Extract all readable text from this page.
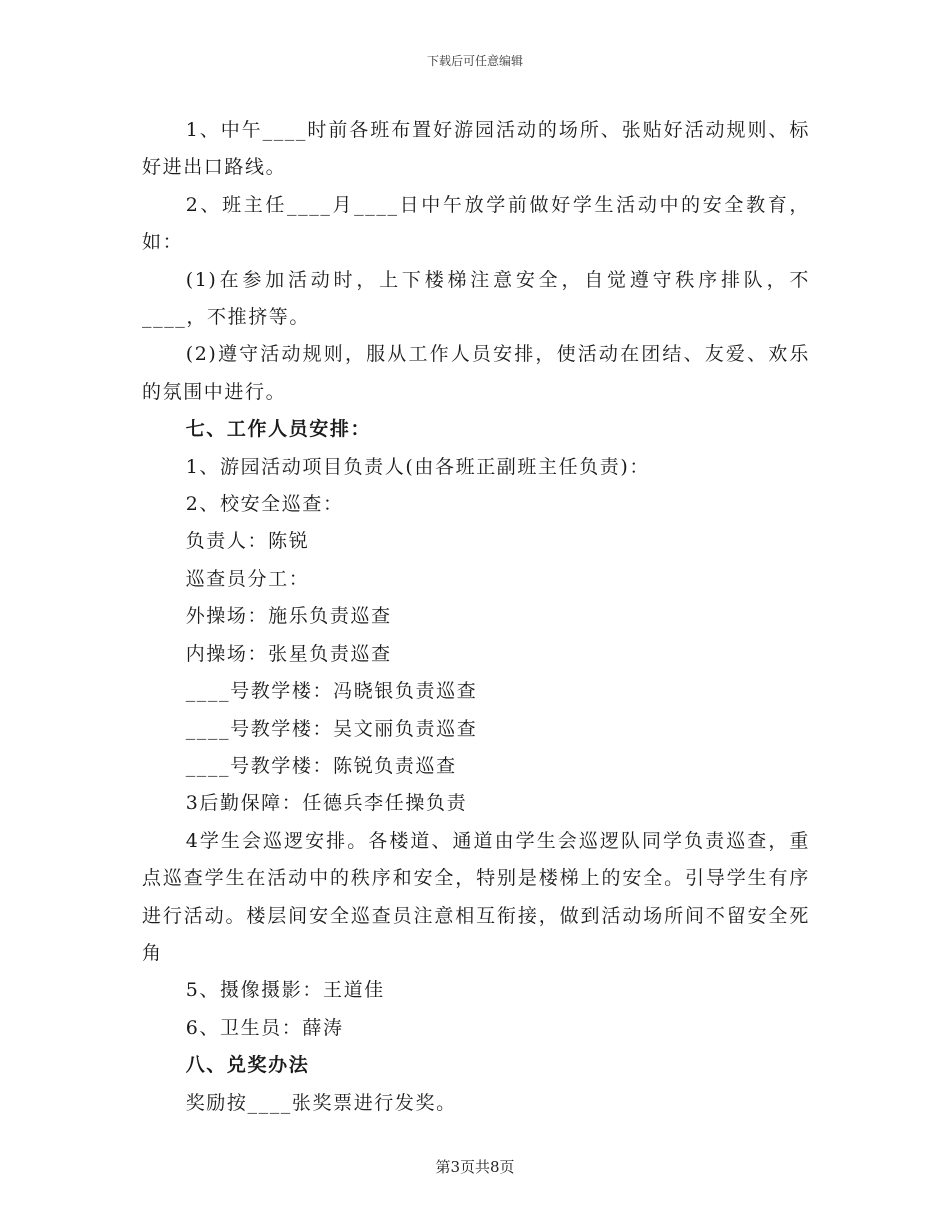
下载后可任意编辑

1、中午____时前各班布置好游园活动的场所、张贴好活动规则、标好进出口路线。

2、班主任____月____日中午放学前做好学生活动中的安全教育，如：

(1)在参加活动时，上下楼梯注意安全，自觉遵守秩序排队，不____，不推挤等。

(2)遵守活动规则，服从工作人员安排，使活动在团结、友爱、欢乐的氛围中进行。

七、工作人员安排：

1、游园活动项目负责人(由各班正副班主任负责)：

2、校安全巡查：

负责人：陈锐

巡查员分工：

外操场：施乐负责巡查

内操场：张星负责巡查

____号教学楼：冯晓银负责巡查

____号教学楼：吴文丽负责巡查

____号教学楼：陈锐负责巡查

3后勤保障：任德兵李任操负责

4学生会巡逻安排。各楼道、通道由学生会巡逻队同学负责巡查，重点巡查学生在活动中的秩序和安全，特别是楼梯上的安全。引导学生有序进行活动。楼层间安全巡查员注意相互衔接，做到活动场所间不留安全死角

5、摄像摄影：王道佳

6、卫生员：薛涛

八、兑奖办法

奖励按____张奖票进行发奖。

第3页共8页
